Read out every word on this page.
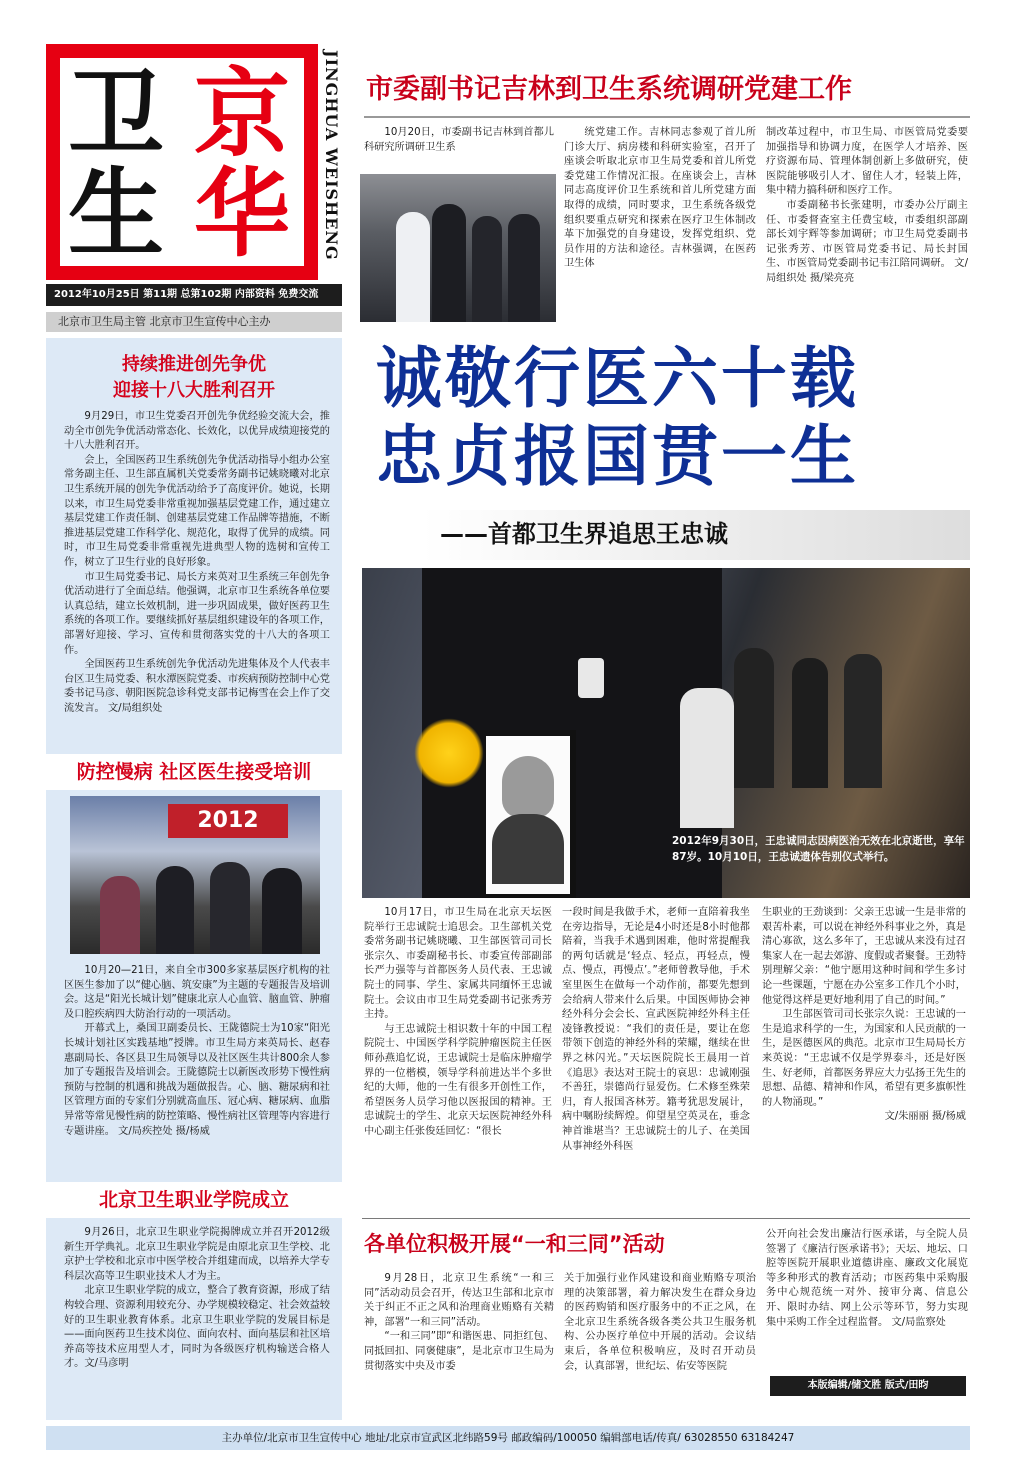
卫 京
生 华 JINGHUA WEISHENG
2012年10月25日 第11期 总第102期 内部资料 免费交流
北京市卫生局主管 北京市卫生宣传中心主办
持续推进创先争优
迎接十八大胜利召开

9月29日，市卫生党委召开创先争优经验交流大会，推动全市创先争优活动常态化、长效化，以优异成绩迎接党的十八大胜利召开。

会上，全国医药卫生系统创先争优活动指导小组办公室常务副主任、卫生部直属机关党委常务副书记姚晓曦对北京卫生系统开展的创先争优活动给予了高度评价。她说，长期以来，市卫生局党委非常重视加强基层党建工作，通过建立基层党建工作责任制、创建基层党建工作品牌等措施，不断推进基层党建工作科学化、规范化，取得了优异的成绩。同时，市卫生局党委非常重视先进典型人物的选树和宣传工作，树立了卫生行业的良好形象。

市卫生局党委书记、局长方来英对卫生系统三年创先争优活动进行了全面总结。他强调，北京市卫生系统各单位要认真总结，建立长效机制，进一步巩固成果，做好医药卫生系统的各项工作。要继续抓好基层组织建设年的各项工作，部署好迎接、学习、宣传和贯彻落实党的十八大的各项工作。

全国医药卫生系统创先争优活动先进集体及个人代表丰台区卫生局党委、积水潭医院党委、市疾病预防控制中心党委书记马彦、朝阳医院急诊科党支部书记梅雪在会上作了交流发言。 文/局组织处

防控慢病 社区医生接受培训
2012

10月20—21日，来自全市300多家基层医疗机构的社区医生参加了以“健心脑、筑安康”为主题的专题报告及培训会。这是“阳光长城计划”健康北京人心血管、脑血管、肿瘤及口腔疾病四大防治行动的一项活动。

开幕式上，桑国卫副委员长、王陇德院士为10家“阳光长城计划社区实践基地”授牌。市卫生局方来英局长、赵春惠副局长、各区县卫生局领导以及社区医生共计800余人参加了专题报告及培训会。王陇德院士以新医改形势下慢性病预防与控制的机遇和挑战为题做报告。心、脑、糖尿病和社区管理方面的专家们分别就高血压、冠心病、糖尿病、血脂异常等常见慢性病的防控策略、慢性病社区管理等内容进行专题讲座。 文/局疾控处 摄/杨威

北京卫生职业学院成立

9月26日，北京卫生职业学院揭牌成立并召开2012级新生开学典礼。北京卫生职业学院是由原北京卫生学校、北京护士学校和北京市中医学校合并组建而成，以培养大学专科层次高等卫生职业技术人才为主。

北京卫生职业学院的成立，整合了教育资源，形成了结构较合理、资源利用较充分、办学规模较稳定、社会效益较好的卫生职业教育体系。北京卫生职业学院的发展目标是——面向医药卫生技术岗位、面向农村、面向基层和社区培养高等技术应用型人才，同时为各级医疗机构输送合格人才。文/马彦明

市委副书记吉林到卫生系统调研党建工作

10月20日，市委副书记吉林到首都儿科研究所调研卫生系

统党建工作。吉林同志参观了首儿所门诊大厅、病房楼和科研实验室，召开了座谈会听取北京市卫生局党委和首儿所党委党建工作情况汇报。在座谈会上，吉林同志高度评价卫生系统和首儿所党建方面取得的成绩，同时要求，卫生系统各级党组织要重点研究和探索在医疗卫生体制改革下加强党的自身建设，发挥党组织、党员作用的方法和途径。吉林强调，在医药卫生体

制改革过程中，市卫生局、市医管局党委要加强指导和协调力度，在医学人才培养、医疗资源布局、管理体制创新上多做研究，使医院能够吸引人才、留住人才，轻装上阵，集中精力搞科研和医疗工作。

市委副秘书长张建明，市委办公厅副主任、市委督查室主任费宝岐，市委组织部副部长刘宇辉等参加调研；市卫生局党委副书记张秀芳、市医管局党委书记、局长封国生、市医管局党委副书记韦江陪同调研。 文/局组织处 摄/梁亮亮

诚敬行医六十载
忠贞报国贯一生
——首都卫生界追思王忠诚
2012年9月30日，王忠诚同志因病医治无效在北京逝世，享年87岁。10月10日，王忠诚遗体告别仪式举行。

10月17日，市卫生局在北京天坛医院举行王忠诚院士追思会。卫生部机关党委常务副书记姚晓曦、卫生部医管司司长张宗久、市委副秘书长、市委宣传部副部长严力强等与首都医务人员代表、王忠诚院士的同事、学生、家属共同缅怀王忠诚院士。会议由市卫生局党委副书记张秀芳主持。

与王忠诚院士相识数十年的中国工程院院士、中国医学科学院肿瘤医院主任医师孙燕追忆说，王忠诚院士是临床肿瘤学界的一位楷模，领导学科前进达半个多世纪的大师，他的一生有很多开创性工作，希望医务人员学习他以医报国的精神。王忠诚院士的学生、北京天坛医院神经外科中心副主任张俊廷回忆：“很长

一段时间是我做手术，老师一直陪着我坐在旁边指导，无论是4小时还是8小时他都陪着，当我手术遇到困难，他时常提醒我的两句话就是‘轻点、轻点，再轻点，慢点、慢点，再慢点’。”老师曾教导他，手术室里医生在做每一个动作前，都要先想到会给病人带来什么后果。中国医师协会神经外科分会会长、宣武医院神经外科主任凌锋教授说：“我们的责任是，要让在您带领下创造的神经外科的荣耀，继续在世界之林闪光。”天坛医院院长王晨用一首《追思》表达对王院士的哀思：忠诚刚强不善狂，崇德尚行显爱伤。仁术修至殊荣归，育人报国吝林芳。籍考犹思发展计，病中嘱盼续辉煌。仰望星空英灵在，垂念神首谁堪当？王忠诚院士的儿子、在美国从事神经外科医

生职业的王劲谈到：父亲王忠诚一生是非常的艰苦朴素，可以说在神经外科事业之外，真是清心寡欲，这么多年了，王忠诚从来没有过召集家人在一起去郊游、度假或者聚餐。王劲特别理解父亲：“他宁愿用这种时间和学生多讨论一些课题，宁愿在办公室多工作几个小时，他觉得这样是更好地利用了自己的时间。”

卫生部医管司司长张宗久说：王忠诚的一生是追求科学的一生，为国家和人民贡献的一生，是医德医风的典范。北京市卫生局局长方来英说：“王忠诚不仅是学界泰斗，还是好医生、好老师，首都医务界应大力弘扬王先生的思想、品德、精神和作风，希望有更多旗帜性的人物涌现。”

文/朱丽丽 摄/杨威

各单位积极开展“一和三同”活动

9月28日，北京卫生系统“一和三同”活动动员会召开，传达卫生部和北京市关于纠正不正之风和治理商业贿赂有关精神，部署“一和三同”活动。

“一和三同”即“和谐医患、同拒红包、同抵回扣、同褒健康”，是北京市卫生局为贯彻落实中央及市委

关于加强行业作风建设和商业贿赂专项治理的决策部署，着力解决发生在群众身边的医药购销和医疗服务中的不正之风，在全北京卫生系统各级各类公共卫生服务机构、公办医疗单位中开展的活动。会议结束后，各单位积极响应，及时召开动员会，认真部署，世纪坛、佑安等医院

公开向社会发出廉洁行医承诺，与全院人员签署了《廉洁行医承诺书》；天坛、地坛、口腔等医院开展职业道德讲座、廉政文化展览等多种形式的教育活动；市医药集中采购服务中心规范统一对外、接审分离、信息公开、限时办结、网上公示等环节，努力实现集中采购工作全过程监督。 文/局监察处

本版编辑/储文胜 版式/田昀
主办单位/北京市卫生宣传中心 地址/北京市宣武区北纬路59号 邮政编码/100050 编辑部电话/传真/ 63028550 63184247
